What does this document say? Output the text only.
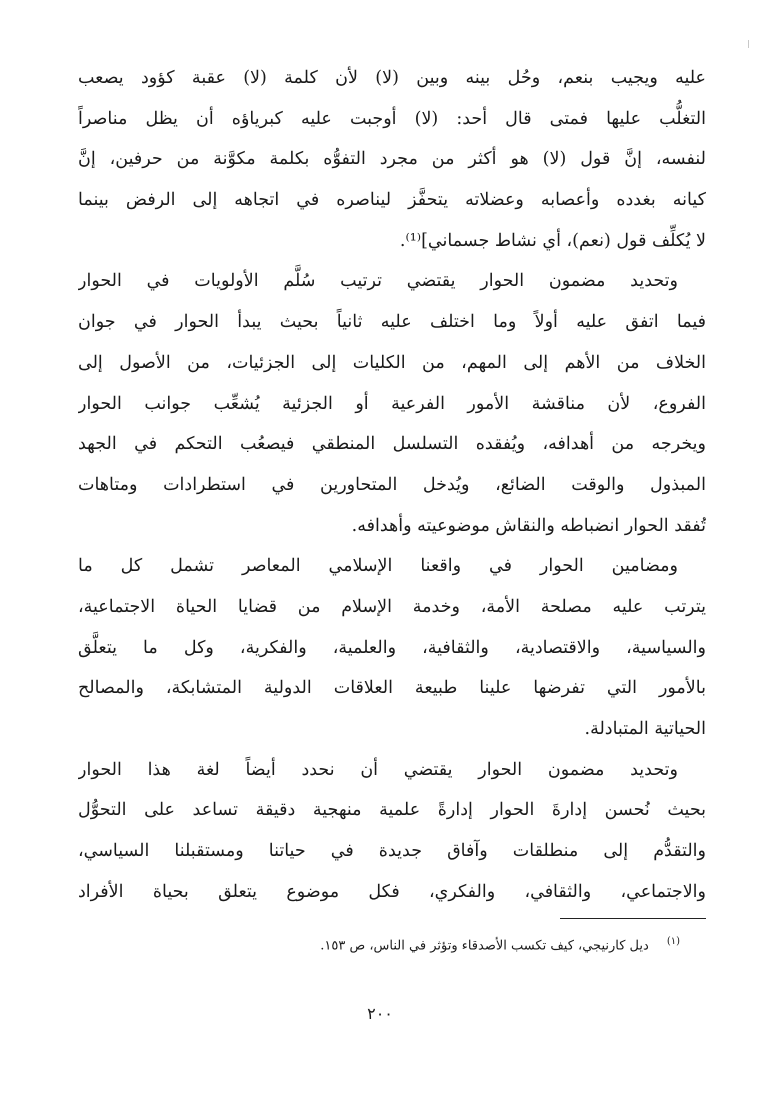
عليه ويجيب بنعم، وحُل بينه وبين (لا) لأن كلمة (لا) عقبة كؤود يصعب
التغلُّب عليها فمتى قال أحد: (لا) أوجبت عليه كبرياؤه أن يظل مناصراً
لنفسه، إنَّ قول (لا) هو أكثر من مجرد التفوُّه بكلمة مكوَّنة من حرفين، إنَّ
كيانه بغدده وأعصابه وعضلاته يتحفَّز ليناصره في اتجاهه إلى الرفض بينما
لا يُكلِّف قول (نعم)، أي نشاط جسماني]⁽¹⁾.
وتحديد مضمون الحوار يقتضي ترتيب سُلَّم الأولويات في الحوار
فيما اتفق عليه أولاً وما اختلف عليه ثانياً بحيث يبدأ الحوار في جوان
الخلاف من الأهم إلى المهم، من الكليات إلى الجزئيات، من الأصول إلى
الفروع، لأن مناقشة الأمور الفرعية أو الجزئية يُشعِّب جوانب الحوار
ويخرجه من أهدافه، ويُفقده التسلسل المنطقي فيصعُب التحكم في الجهد
المبذول والوقت الضائع، ويُدخل المتحاورين في استطرادات ومتاهات
تُفقد الحوار انضباطه والنقاش موضوعيته وأهدافه.
ومضامين الحوار في واقعنا الإسلامي المعاصر تشمل كل ما
يترتب عليه مصلحة الأمة، وخدمة الإسلام من قضايا الحياة الاجتماعية،
والسياسية، والاقتصادية، والثقافية، والعلمية، والفكرية، وكل ما يتعلَّق
بالأمور التي تفرضها علينا طبيعة العلاقات الدولية المتشابكة، والمصالح
الحياتية المتبادلة.
وتحديد مضمون الحوار يقتضي أن نحدد أيضاً لغة هذا الحوار
بحيث نُحسن إدارةَ الحوار إدارةً علمية منهجية دقيقة تساعد على التحوُّل
والتقدُّم إلى منطلقات وآفاق جديدة في حياتنا ومستقبلنا السياسي،
والاجتماعي، والثقافي، والفكري، فكل موضوع يتعلق بحياة الأفراد
(١)ديل كارنيجي، كيف تكسب الأصدقاء وتؤثر في الناس، ص ١٥٣.
٢٠٠
